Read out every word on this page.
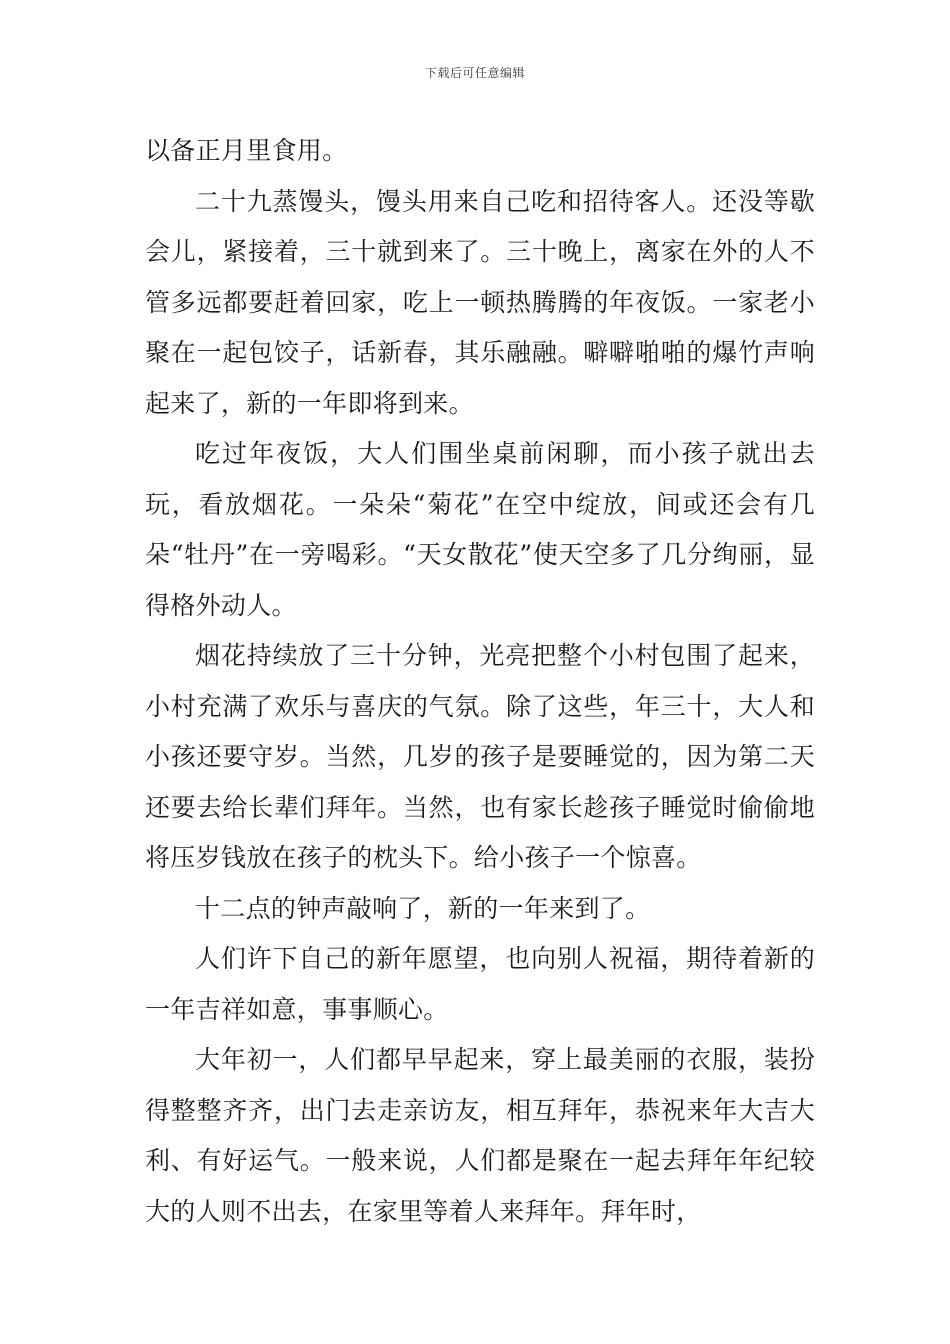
下载后可任意编辑

以备正月里食用。

二十九蒸馒头，馒头用来自己吃和招待客人。还没等歇会儿，紧接着，三十就到来了。三十晚上，离家在外的人不管多远都要赶着回家，吃上一顿热腾腾的年夜饭。一家老小聚在一起包饺子，话新春，其乐融融。噼噼啪啪的爆竹声响起来了，新的一年即将到来。

吃过年夜饭，大人们围坐桌前闲聊，而小孩子就出去玩，看放烟花。一朵朵“菊花”在空中绽放，间或还会有几朵“牡丹”在一旁喝彩。“天女散花”使天空多了几分绚丽，显得格外动人。

烟花持续放了三十分钟，光亮把整个小村包围了起来，小村充满了欢乐与喜庆的气氛。除了这些，年三十，大人和小孩还要守岁。当然，几岁的孩子是要睡觉的，因为第二天还要去给长辈们拜年。当然，也有家长趁孩子睡觉时偷偷地将压岁钱放在孩子的枕头下。给小孩子一个惊喜。

十二点的钟声敲响了，新的一年来到了。

人们许下自己的新年愿望，也向别人祝福，期待着新的一年吉祥如意，事事顺心。

大年初一，人们都早早起来，穿上最美丽的衣服，装扮得整整齐齐，出门去走亲访友，相互拜年，恭祝来年大吉大利、有好运气。一般来说，人们都是聚在一起去拜年年纪较大的人则不出去，在家里等着人来拜年。拜年时，
